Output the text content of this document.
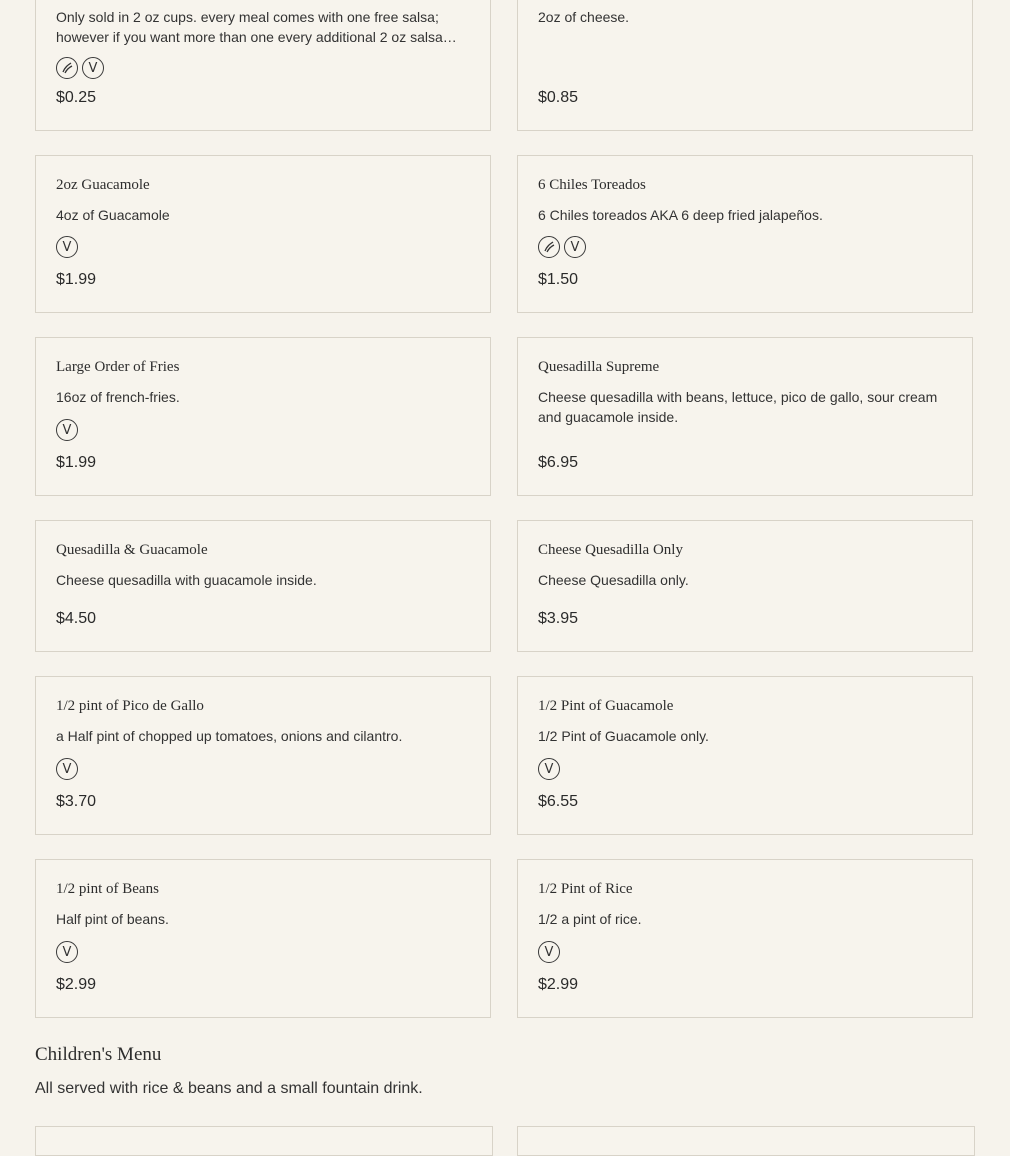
Only sold in 2 oz cups. every meal comes with one free salsa; however if you want more than one every additional 2 oz salsa…

V
$0.25

2oz of cheese.

$0.85

2oz Guacamole

4oz of Guacamole

V
$1.99

6 Chiles Toreados

6 Chiles toreados AKA 6 deep fried jalapeños.

V
$1.50

Large Order of Fries

16oz of french-fries.

V
$1.99

Quesadilla Supreme

Cheese quesadilla with beans, lettuce, pico de gallo, sour cream and guacamole inside.

$6.95

Quesadilla & Guacamole

Cheese quesadilla with guacamole inside.

$4.50

Cheese Quesadilla Only

Cheese Quesadilla only.

$3.95

1/2 pint of Pico de Gallo

a Half pint of chopped up tomatoes, onions and cilantro.

V
$3.70

1/2 Pint of Guacamole

1/2 Pint of Guacamole only.

V
$6.55

1/2 pint of Beans

Half pint of beans.

V
$2.99

1/2 Pint of Rice

1/2 a pint of rice.

V
$2.99
Children's Menu
All served with rice & beans and a small fountain drink.
